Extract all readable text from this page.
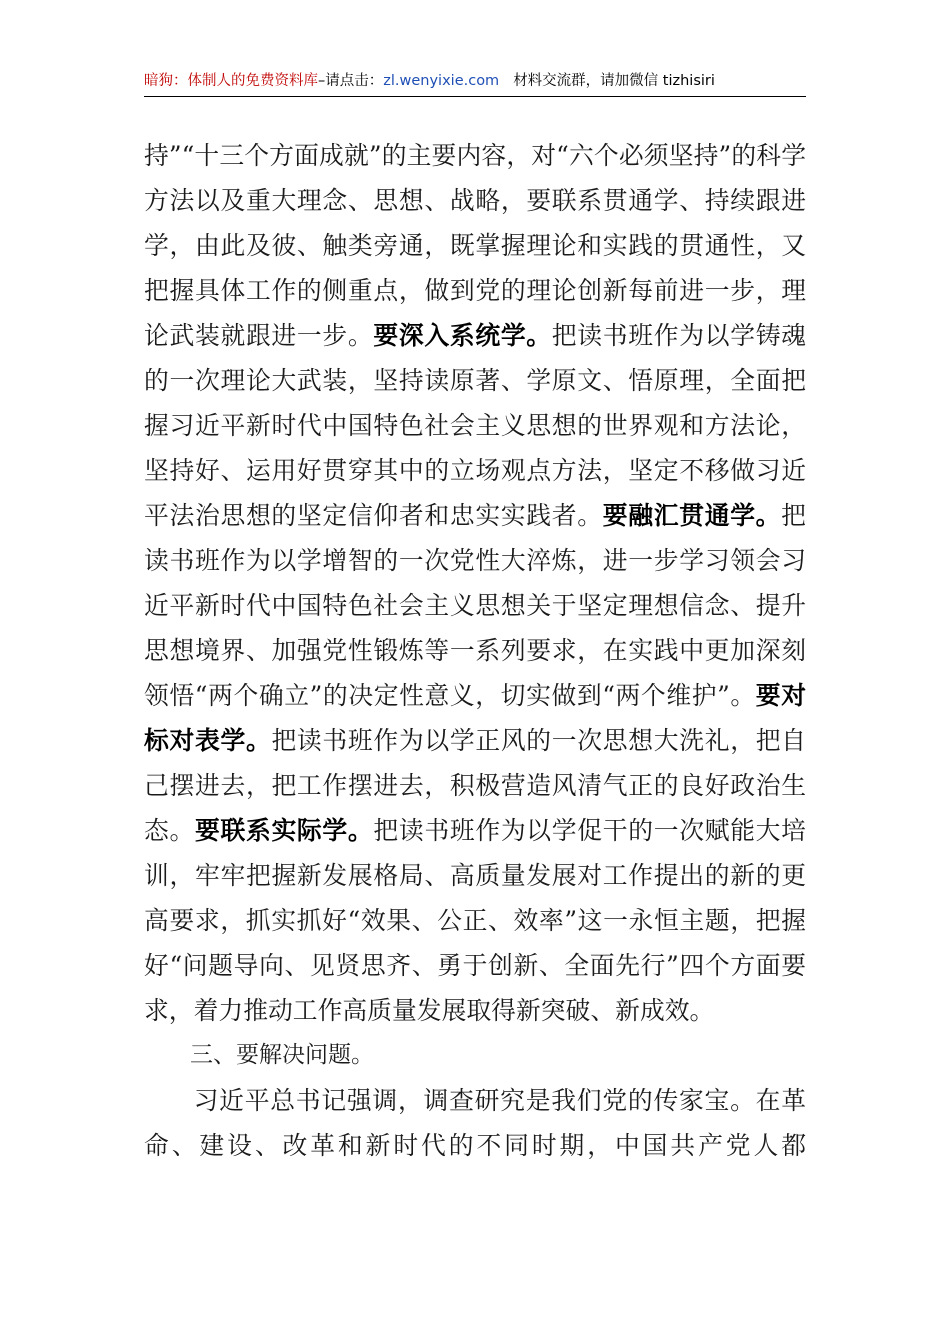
暗狗：体制人的免费资料库–请点击：zl.wenyixie.com 材料交流群，请加微信 tizhisiri

持”“十三个方面成就”的主要内容，对“六个必须坚持”的科学方法以及重大理念、思想、战略，要联系贯通学、持续跟进学，由此及彼、触类旁通，既掌握理论和实践的贯通性，又把握具体工作的侧重点，做到党的理论创新每前进一步，理论武装就跟进一步。要深入系统学。把读书班作为以学铸魂的一次理论大武装，坚持读原著、学原文、悟原理，全面把握习近平新时代中国特色社会主义思想的世界观和方法论，坚持好、运用好贯穿其中的立场观点方法，坚定不移做习近平法治思想的坚定信仰者和忠实实践者。要融汇贯通学。把读书班作为以学增智的一次党性大淬炼，进一步学习领会习近平新时代中国特色社会主义思想关于坚定理想信念、提升思想境界、加强党性锻炼等一系列要求，在实践中更加深刻领悟“两个确立”的决定性意义，切实做到“两个维护”。要对标对表学。把读书班作为以学正风的一次思想大洗礼，把自己摆进去，把工作摆进去，积极营造风清气正的良好政治生态。要联系实际学。把读书班作为以学促干的一次赋能大培训，牢牢把握新发展格局、高质量发展对工作提出的新的更高要求，抓实抓好“效果、公正、效率”这一永恒主题，把握好“问题导向、见贤思齐、勇于创新、全面先行”四个方面要求，着力推动工作高质量发展取得新突破、新成效。

三、要解决问题。

习近平总书记强调，调查研究是我们党的传家宝。在革命、建设、改革和新时代的不同时期，中国共产党人都
